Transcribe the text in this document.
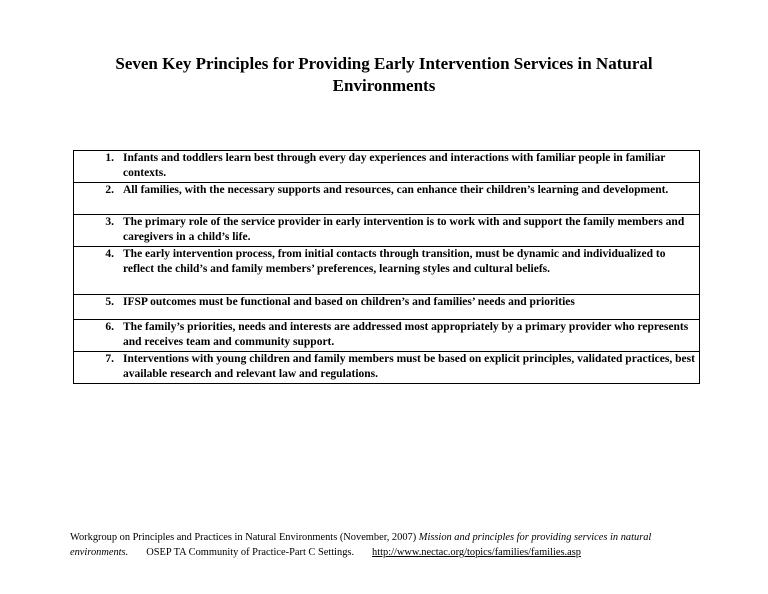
Seven Key Principles for Providing Early Intervention Services in Natural
Environments
1. Infants and toddlers learn best through every day experiences and interactions with familiar people in familiar contexts.

2. All families, with the necessary supports and resources, can enhance their children’s learning and development.

3. The primary role of the service provider in early intervention is to work with and support the family members and caregivers in a child’s life.

4. The early intervention process, from initial contacts through transition, must be dynamic and individualized to reflect the child’s and family members’ preferences, learning styles and cultural beliefs.

5. IFSP outcomes must be functional and based on children’s and families’ needs and priorities

6. The family’s priorities, needs and interests are addressed most appropriately by a primary provider who represents and receives team and community support.

7. Interventions with young children and family members must be based on explicit principles, validated practices, best available research and relevant law and regulations.
Workgroup on Principles and Practices in Natural Environments (November, 2007) Mission and principles for providing services in natural environments. OSEP TA Community of Practice-Part C Settings. http://www.nectac.org/topics/families/families.asp
